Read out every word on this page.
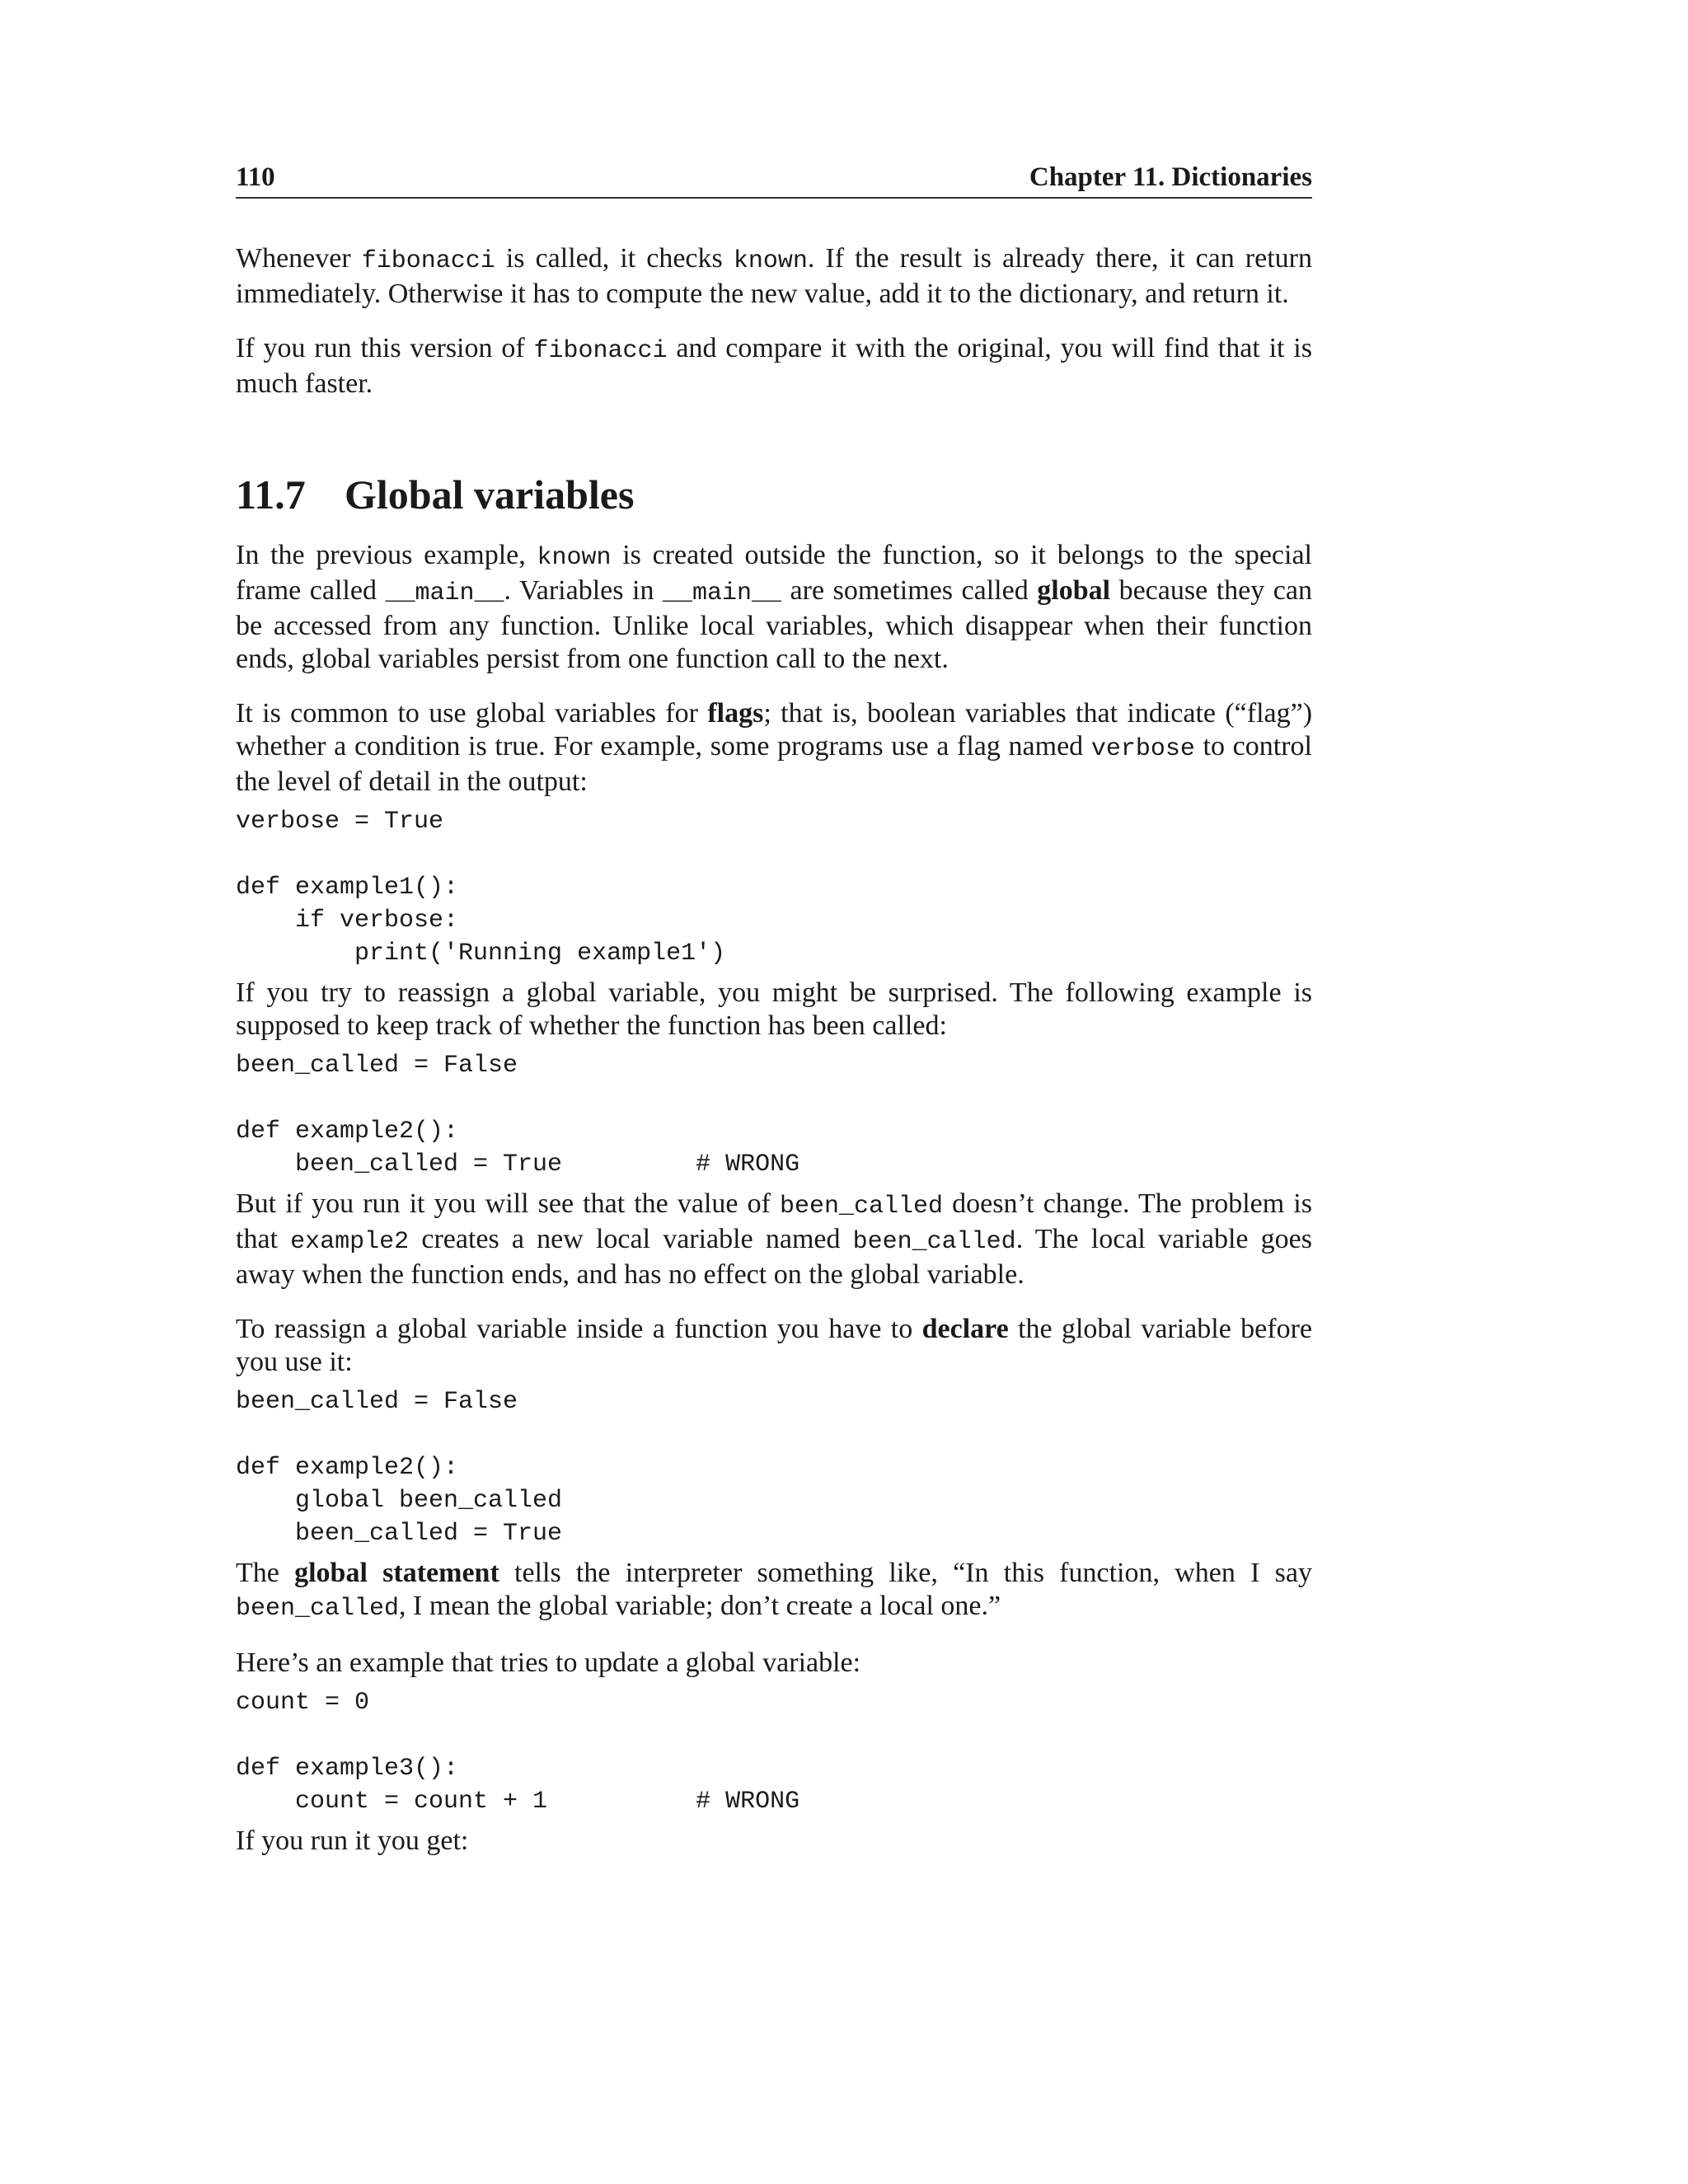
110	Chapter 11. Dictionaries

Whenever fibonacci is called, it checks known. If the result is already there, it can return immediately. Otherwise it has to compute the new value, add it to the dictionary, and return it.

If you run this version of fibonacci and compare it with the original, you will find that it is much faster.

11.7 Global variables

In the previous example, known is created outside the function, so it belongs to the special frame called __main__. Variables in __main__ are sometimes called global because they can be accessed from any function. Unlike local variables, which disappear when their function ends, global variables persist from one function call to the next.

It is common to use global variables for flags; that is, boolean variables that indicate (“flag”) whether a condition is true. For example, some programs use a flag named verbose to control the level of detail in the output:

verbose = True

def example1():
if verbose:
print('Running example1')

If you try to reassign a global variable, you might be surprised. The following example is supposed to keep track of whether the function has been called:

been_called = False

def example2():
been_called = True         # WRONG

But if you run it you will see that the value of been_called doesn’t change. The problem is that example2 creates a new local variable named been_called. The local variable goes away when the function ends, and has no effect on the global variable.

To reassign a global variable inside a function you have to declare the global variable before you use it:

been_called = False

def example2():
global been_called
been_called = True

The global statement tells the interpreter something like, “In this function, when I say been_called, I mean the global variable; don’t create a local one.”

Here’s an example that tries to update a global variable:

count = 0

def example3():
count = count + 1          # WRONG

If you run it you get:
